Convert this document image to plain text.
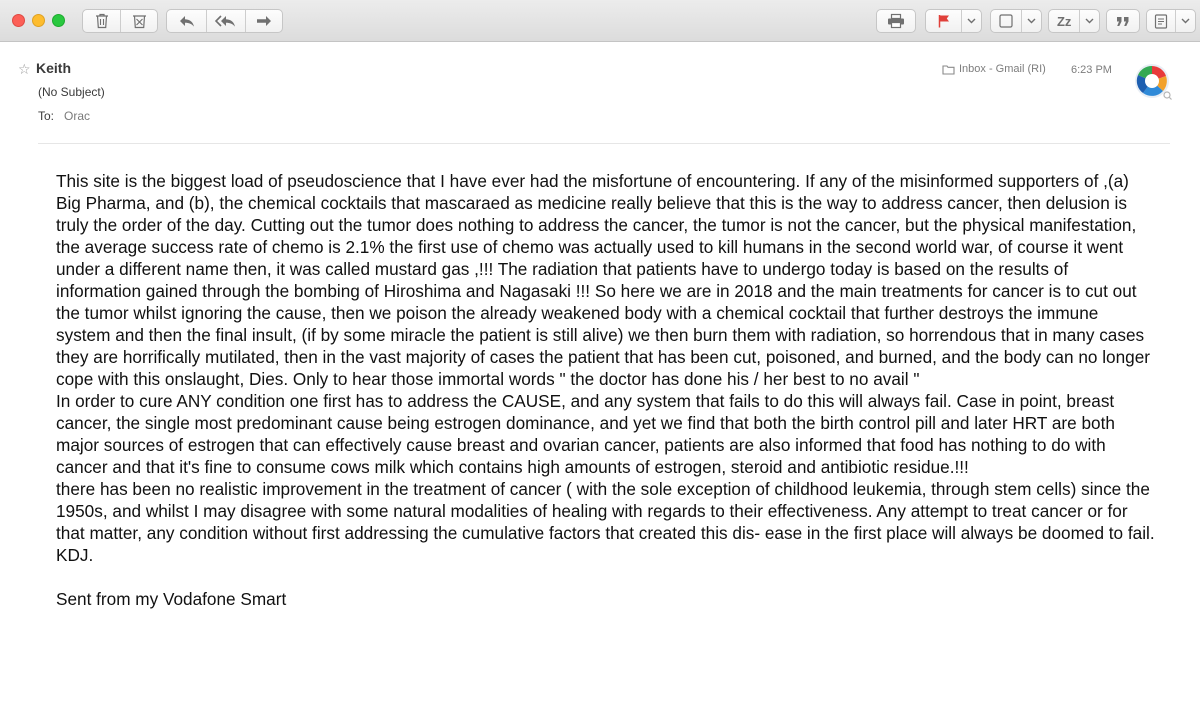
Zz
☆ Keith
(No Subject)
To: Orac
Inbox - Gmail (RI) 6:23 PM

This site is the biggest load of pseudoscience that I have ever had the misfortune of encountering. If any of the misinformed supporters of ,(a) Big Pharma, and (b), the chemical cocktails that mascaraed as medicine really believe that this is the way to address cancer, then delusion is truly the order of the day. Cutting out the tumor does nothing to address the cancer, the tumor is not the cancer, but the physical manifestation, the average success rate of chemo is 2.1% the first use of chemo was actually used to kill humans in the second world war, of course it went under a different name then, it was called mustard gas ,!!! The radiation that patients have to undergo today is based on the results of information gained through the bombing of Hiroshima and Nagasaki !!! So here we are in 2018 and the main treatments for cancer is to cut out the tumor whilst ignoring the cause, then we poison the already weakened body with a chemical cocktail that further destroys the immune system and then the final insult, (if by some miracle the patient is still alive) we then burn them with radiation, so horrendous that in many cases they are horrifically mutilated, then in the vast majority of cases the patient that has been cut, poisoned, and burned, and the body can no longer cope with this onslaught, Dies. Only to hear those immortal words " the doctor has done his / her best to no avail "

In order to cure ANY condition one first has to address the CAUSE, and any system that fails to do this will always fail. Case in point, breast cancer, the single most predominant cause being estrogen dominance, and yet we find that both the birth control pill and later HRT are both major sources of estrogen that can effectively cause breast and ovarian cancer, patients are also informed that food has nothing to do with cancer and that it's fine to consume cows milk which contains high amounts of estrogen, steroid and antibiotic residue.!!!

there has been no realistic improvement in the treatment of cancer ( with the sole exception of childhood leukemia, through stem cells) since the 1950s, and whilst I may disagree with some natural modalities of healing with regards to their effectiveness. Any attempt to treat cancer or for that matter, any condition without first addressing the cumulative factors that created this dis- ease in the first place will always be doomed to fail.

KDJ.

Sent from my Vodafone Smart
